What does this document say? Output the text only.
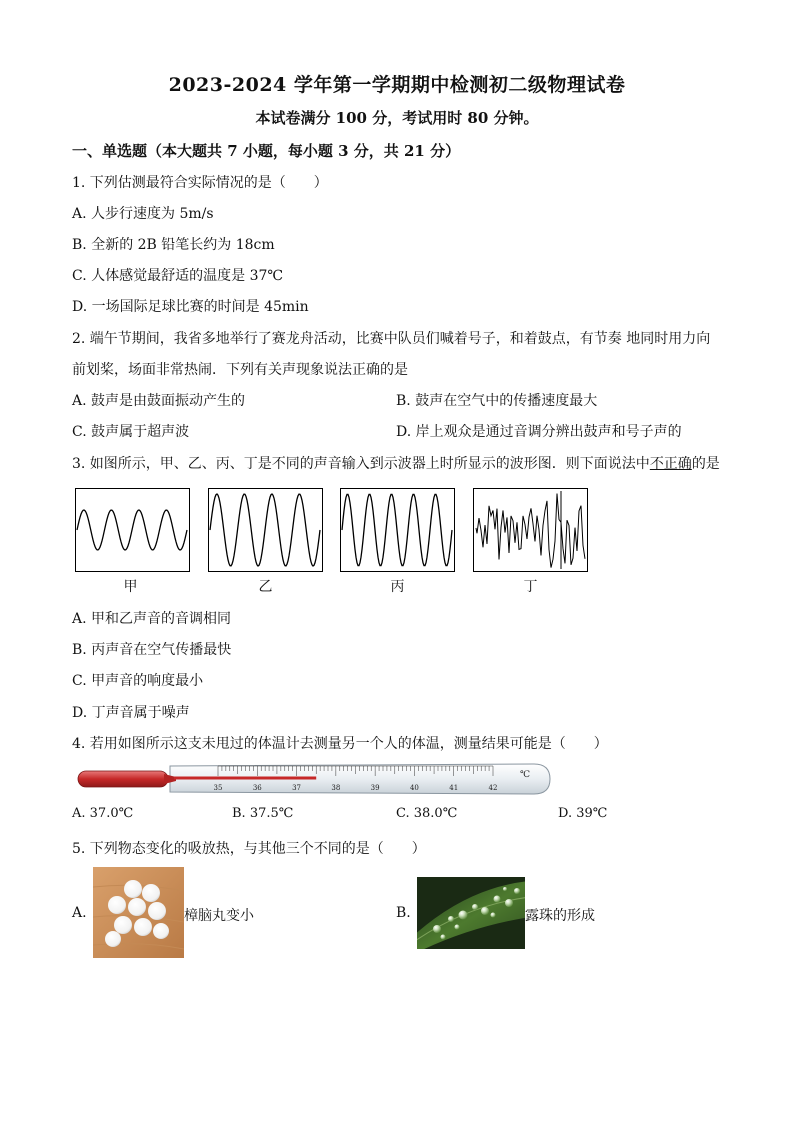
2023-2024 学年第一学期期中检测初二级物理试卷
本试卷满分 100 分，考试用时 80 分钟。
一、单选题（本大题共 7 小题，每小题 3 分，共 21 分）
1. 下列估测最符合实际情况的是（　　）
A. 人步行速度为 5m/s
B. 全新的 2B 铅笔长约为 18cm
C. 人体感觉最舒适的温度是 37℃
D. 一场国际足球比赛的时间是 45min
2. 端午节期间，我省多地举行了赛龙舟活动，比赛中队员们喊着号子，和着鼓点，有节奏 地同时用力向
前划桨，场面非常热闹．下列有关声现象说法正确的是
A. 鼓声是由鼓面振动产生的	B. 鼓声在空气中的传播速度最大
C. 鼓声属于超声波	D. 岸上观众是通过音调分辨出鼓声和号子声的
3. 如图所示，甲、乙、丙、丁是不同的声音输入到示波器上时所显示的波形图．则下面说法中不正确的是
甲	乙	丙	丁
A. 甲和乙声音的音调相同
B. 丙声音在空气传播最快
C. 甲声音的响度最小
D. 丁声音属于噪声
4. 若用如图所示这支未甩过的体温计去测量另一个人的体温，测量结果可能是（　　）
35	36	37	38	39	40	41	42
℃
A. 37.0℃	B. 37.5℃	C. 38.0℃	D. 39℃
5. 下列物态变化的吸放热，与其他三个不同的是（　　）
A.	樟脑丸变小	B.	露珠的形成
